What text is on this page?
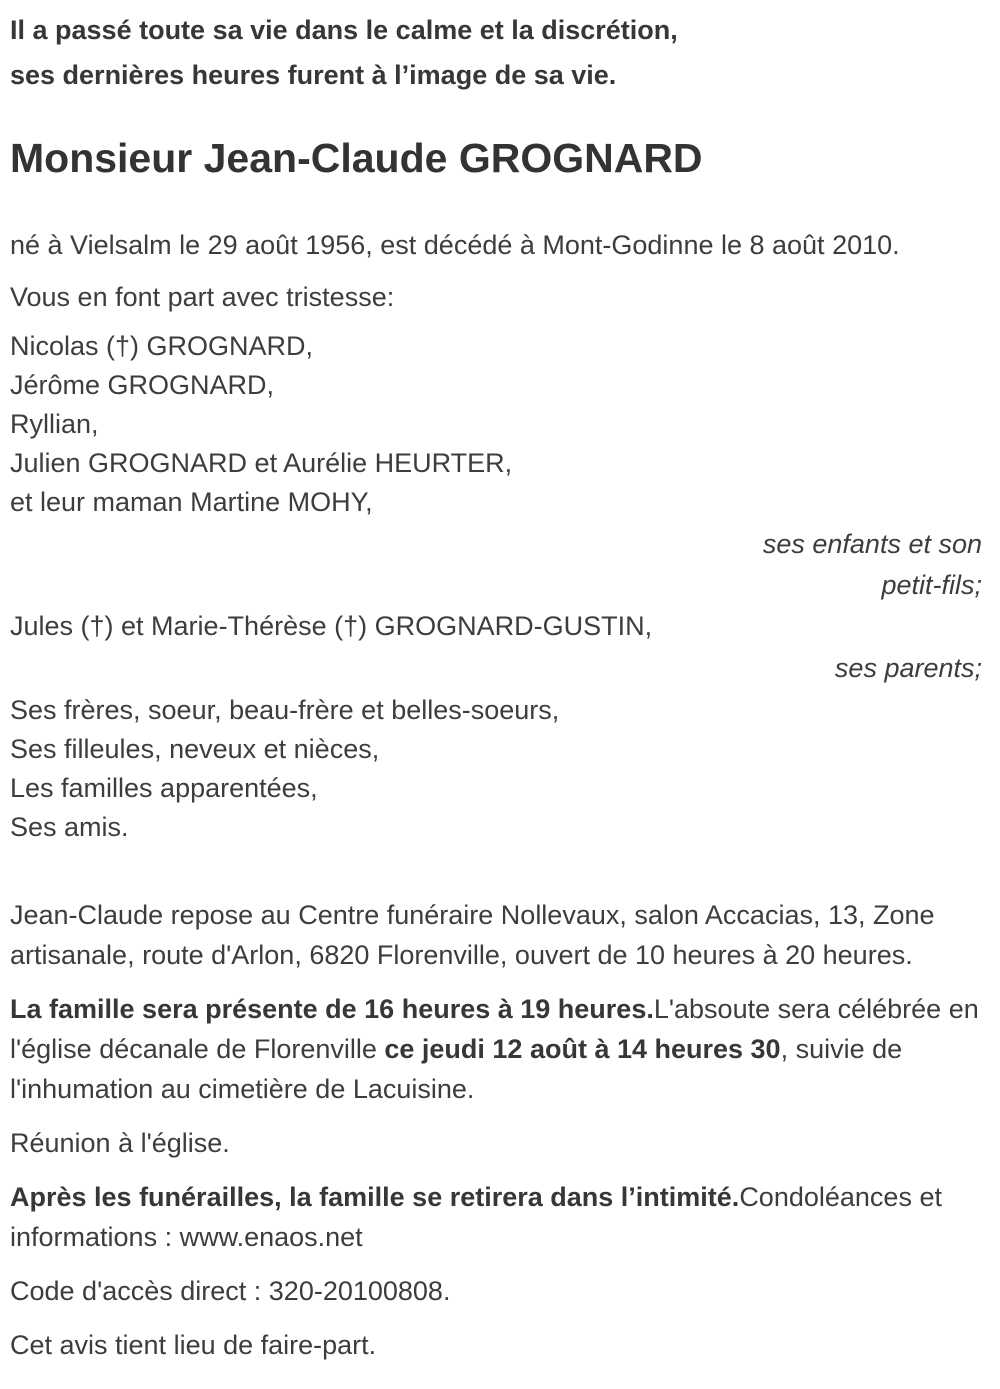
Il a passé toute sa vie dans le calme et la discrétion,
ses dernières heures furent à l’image de sa vie.

Monsieur Jean-Claude GROGNARD

né à Vielsalm le 29 août 1956, est décédé à Mont-Godinne le 8 août 2010.

Vous en font part avec tristesse:

Nicolas (†) GROGNARD,
Jérôme GROGNARD,
Ryllian,
Julien GROGNARD et Aurélie HEURTER,
et leur maman Martine MOHY,
ses enfants et son petit-fils;

Jules (†) et Marie-Thérèse (†) GROGNARD-GUSTIN,

ses parents;
Ses frères, soeur, beau-frère et belles-soeurs,
Ses filleules, neveux et nièces,
Les familles apparentées,
Ses amis.

Jean-Claude repose au Centre funéraire Nollevaux, salon Accacias, 13, Zone artisanale, route d'Arlon, 6820 Florenville, ouvert de 10 heures à 20 heures.

La famille sera présente de 16 heures à 19 heures.L'absoute sera célébrée en l'église décanale de Florenville ce jeudi 12 août à 14 heures 30, suivie de l'inhumation au cimetière de Lacuisine.

Réunion à l'église.

Après les funérailles, la famille se retirera dans l’intimité.Condoléances et informations : www.enaos.net

Code d'accès direct : 320-20100808.

Cet avis tient lieu de faire-part.
